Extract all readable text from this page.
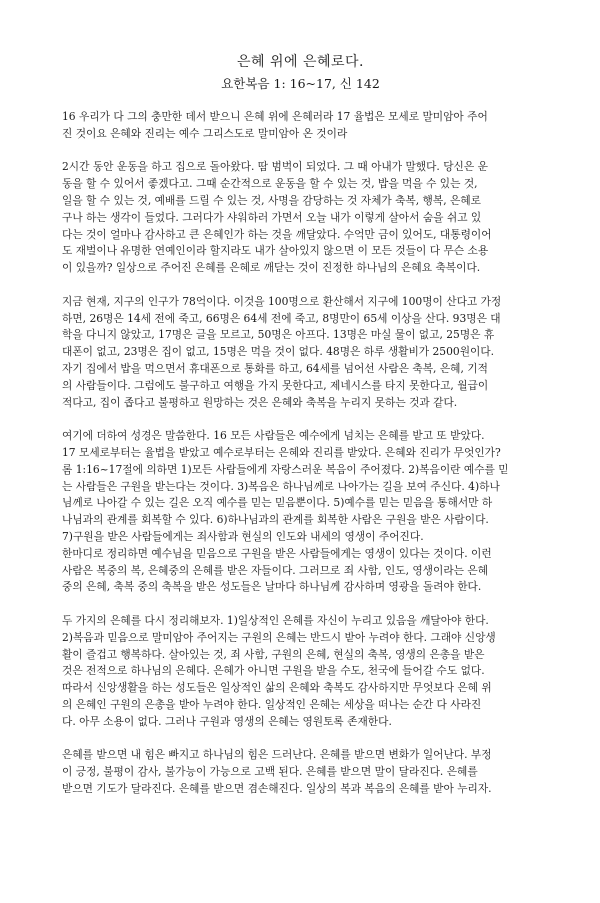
은혜 위에 은혜로다.
요한복음 1: 16~17, 신 142
16 우리가 다 그의 충만한 데서 받으니 은혜 위에 은혜러라 17 율법은 모세로 말미암아 주어
진 것이요 은혜와 진리는 예수 그리스도로 말미암아 온 것이라
2시간 동안 운동을 하고 집으로 돌아왔다. 땀 범벅이 되었다. 그 때 아내가 말했다. 당신은 운
동을 할 수 있어서 좋겠다고. 그때 순간적으로 운동을 할 수 있는 것, 밥을 먹을 수 있는 것,
일을 할 수 있는 것, 예배를 드릴 수 있는 것, 사명을 감당하는 것 자체가 축복, 행복, 은혜로
구나 하는 생각이 들었다. 그러다가 샤워하러 가면서 오늘 내가 이렇게 살아서 숨을 쉬고 있
다는 것이 얼마나 감사하고 큰 은혜인가 하는 것을 깨달았다. 수억만 금이 있어도, 대통령이어
도 재벌이나 유명한 연예인이라 할지라도 내가 살아있지 않으면 이 모든 것들이 다 무슨 소용
이 있을까? 일상으로 주어진 은혜를 은혜로 깨닫는 것이 진정한 하나님의 은혜요 축복이다.
지금 현재, 지구의 인구가 78억이다. 이것을 100명으로 환산해서 지구에 100명이 산다고 가정
하면, 26명은 14세 전에 죽고, 66명은 64세 전에 죽고, 8명만이 65세 이상을 산다. 93명은 대
학을 다니지 않았고, 17명은 글을 모르고, 50명은 아프다. 13명은 마실 물이 없고, 25명은 휴
대폰이 없고, 23명은 집이 없고, 15명은 먹을 것이 없다. 48명은 하루 생활비가 2500원이다.
자기 집에서 밥을 먹으면서 휴대폰으로 통화를 하고, 64세를 넘어선 사람은 축복, 은혜, 기적
의 사람들이다. 그럼에도 불구하고 여행을 가지 못한다고, 제네시스를 타지 못한다고, 월급이
적다고, 집이 좁다고 불평하고 원망하는 것은 은혜와 축복을 누리지 못하는 것과 같다.
여기에 더하여 성경은 말씀한다. 16 모든 사람들은 예수에게 넘치는 은혜를 받고 또 받았다.
17 모세로부터는 율법을 받았고 예수로부터는 은혜와 진리를 받았다. 은혜와 진리가 무엇인가?
롬 1:16~17절에 의하면 1)모든 사람들에게 자랑스러운 복음이 주어졌다. 2)복음이란 예수를 믿
는 사람들은 구원을 받는다는 것이다. 3)복음은 하나님께로 나아가는 길을 보여 주신다. 4)하나
님께로 나아갈 수 있는 길은 오직 예수를 믿는 믿음뿐이다. 5)예수를 믿는 믿음을 통해서만 하
나님과의 관계를 회복할 수 있다. 6)하나님과의 관계를 회복한 사람은 구원을 받은 사람이다.
7)구원을 받은 사람들에게는 죄사함과 현실의 인도와 내세의 영생이 주어진다.
한마디로 정리하면 예수님을 믿음으로 구원을 받은 사람들에게는 영생이 있다는 것이다. 이런
사람은 복중의 복, 은혜중의 은혜를 받은 자들이다. 그러므로 죄 사함, 인도, 영생이라는 은혜
중의 은혜, 축복 중의 축복을 받은 성도들은 날마다 하나님께 감사하며 영광을 돌려야 한다.
두 가지의 은혜를 다시 정리해보자. 1)일상적인 은혜를 자신이 누리고 있음을 깨달아야 한다.
2)복음과 믿음으로 말미암아 주어지는 구원의 은혜는 반드시 받아 누려야 한다. 그래야 신앙생
활이 즐겁고 행복하다. 살아있는 것, 죄 사함, 구원의 은혜, 현실의 축복, 영생의 은총을 받은
것은 전적으로 하나님의 은혜다. 은혜가 아니면 구원을 받을 수도, 천국에 들어갈 수도 없다.
따라서 신앙생활을 하는 성도들은 일상적인 삶의 은혜와 축복도 감사하지만 무엇보다 은혜 위
의 은혜인 구원의 은총을 받아 누려야 한다. 일상적인 은혜는 세상을 떠나는 순간 다 사라진
다. 아무 소용이 없다. 그러나 구원과 영생의 은혜는 영원토록 존재한다.
은혜를 받으면 내 힘은 빠지고 하나님의 힘은 드러난다. 은혜를 받으면 변화가 일어난다. 부정
이 긍정, 불평이 감사, 불가능이 가능으로 고백 된다. 은혜를 받으면 말이 달라진다. 은혜를
받으면 기도가 달라진다. 은혜를 받으면 겸손해진다. 일상의 복과 복음의 은혜를 받아 누리자.
